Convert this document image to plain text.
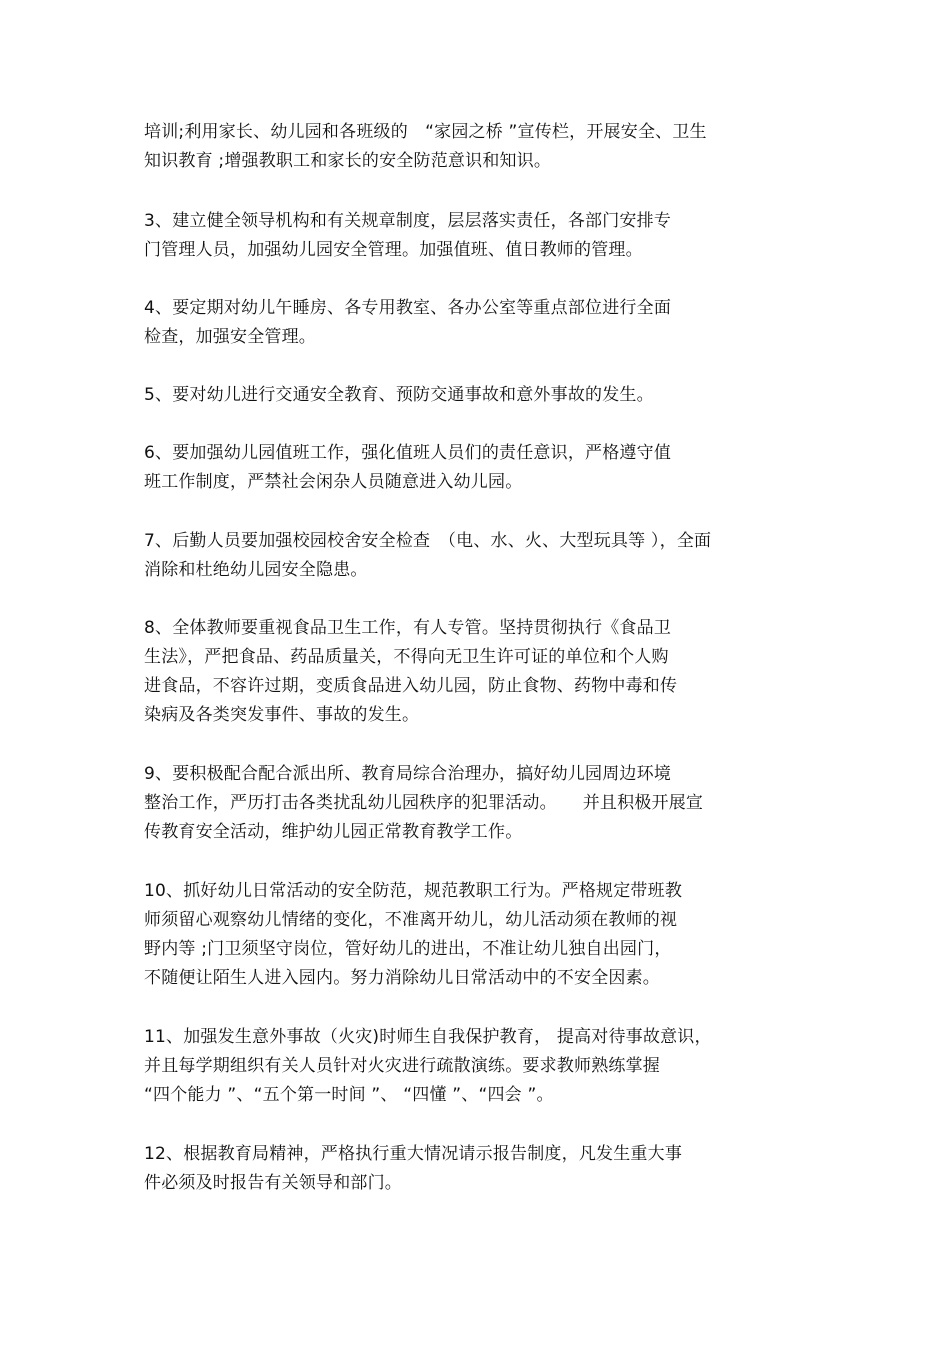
培训;利用家长、幼儿园和各班级的　“家园之桥 ”宣传栏，开展安全、卫生
知识教育 ;增强教职工和家长的安全防范意识和知识。
3、建立健全领导机构和有关规章制度，层层落实责任，各部门安排专
门管理人员，加强幼儿园安全管理。加强值班、值日教师的管理。
4、要定期对幼儿午睡房、各专用教室、各办公室等重点部位进行全面
检查，加强安全管理。
5、要对幼儿进行交通安全教育、预防交通事故和意外事故的发生。
6、要加强幼儿园值班工作，强化值班人员们的责任意识，严格遵守值
班工作制度，严禁社会闲杂人员随意进入幼儿园。
7、后勤人员要加强校园校舍安全检查　（电、水、火、大型玩具等 ），全面
消除和杜绝幼儿园安全隐患。
8、全体教师要重视食品卫生工作，有人专管。坚持贯彻执行《食品卫
生法》，严把食品、药品质量关，不得向无卫生许可证的单位和个人购
进食品，不容许过期，变质食品进入幼儿园，防止食物、药物中毒和传
染病及各类突发事件、事故的发生。
9、要积极配合配合派出所、教育局综合治理办，搞好幼儿园周边环境
整治工作，严历打击各类扰乱幼儿园秩序的犯罪活动。　　并且积极开展宣
传教育安全活动，维护幼儿园正常教育教学工作。
10、抓好幼儿日常活动的安全防范，规范教职工行为。严格规定带班教
师须留心观察幼儿情绪的变化，不准离开幼儿，幼儿活动须在教师的视
野内等 ;门卫须坚守岗位，管好幼儿的进出，不准让幼儿独自出园门，
不随便让陌生人进入园内。努力消除幼儿日常活动中的不安全因素。
11、加强发生意外事故（火灾)时师生自我保护教育， 提高对待事故意识，
并且每学期组织有关人员针对火灾进行疏散演练。要求教师熟练掌握
“四个能力 ”、“五个第一时间 ”、 “四懂 ”、“四会 ”。
12、根据教育局精神，严格执行重大情况请示报告制度，凡发生重大事
件必须及时报告有关领导和部门。
